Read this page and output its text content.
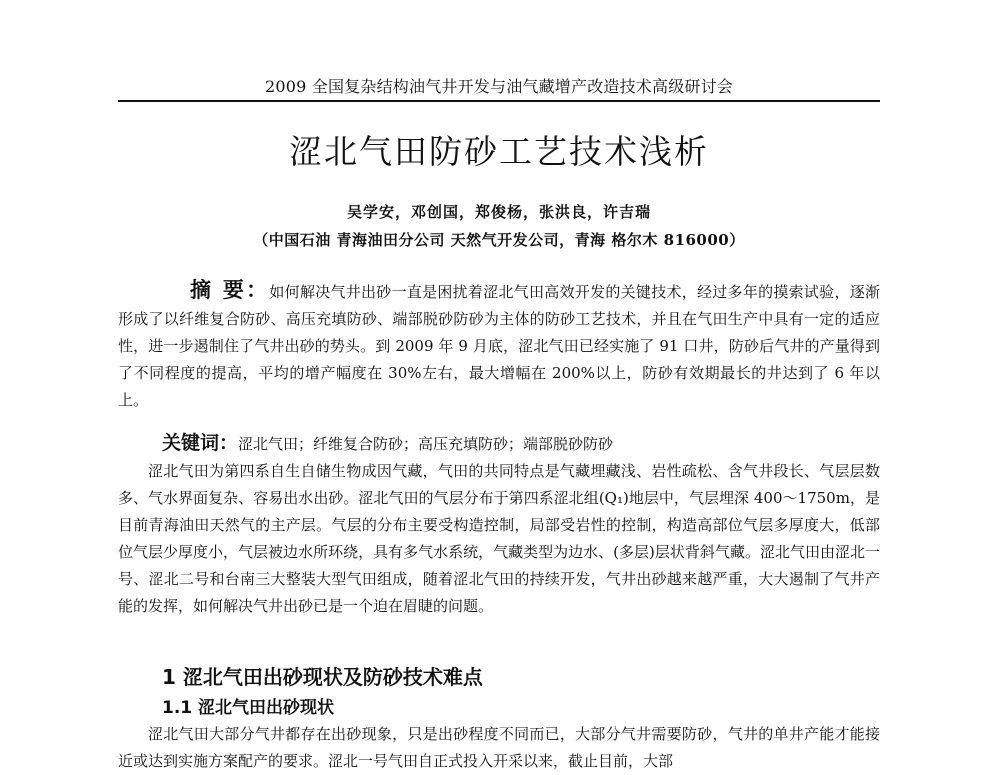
2009 全国复杂结构油气井开发与油气藏增产改造技术高级研讨会
涩北气田防砂工艺技术浅析
吴学安，邓创国，郑俊杨，张洪良，许吉瑞
（中国石油 青海油田分公司 天然气开发公司，青海 格尔木 816000）
摘 要：如何解决气井出砂一直是困扰着涩北气田高效开发的关键技术，经过多年的摸索试验，逐渐形成了以纤维复合防砂、高压充填防砂、端部脱砂防砂为主体的防砂工艺技术，并且在气田生产中具有一定的适应性，进一步遏制住了气井出砂的势头。到 2009 年 9 月底，涩北气田已经实施了 91 口井，防砂后气井的产量得到了不同程度的提高，平均的增产幅度在 30%左右，最大增幅在 200%以上，防砂有效期最长的井达到了 6 年以上。
关键词：涩北气田；纤维复合防砂；高压充填防砂；端部脱砂防砂
涩北气田为第四系自生自储生物成因气藏，气田的共同特点是气藏埋藏浅、岩性疏松、含气井段长、气层层数多、气水界面复杂、容易出水出砂。涩北气田的气层分布于第四系涩北组(Q₁)地层中，气层埋深 400～1750m，是目前青海油田天然气的主产层。气层的分布主要受构造控制，局部受岩性的控制，构造高部位气层多厚度大，低部位气层少厚度小，气层被边水所环绕，具有多气水系统，气藏类型为边水、(多层)层状背斜气藏。涩北气田由涩北一号、涩北二号和台南三大整装大型气田组成，随着涩北气田的持续开发，气井出砂越来越严重，大大遏制了气井产能的发挥，如何解决气井出砂已是一个迫在眉睫的问题。
1 涩北气田出砂现状及防砂技术难点
1.1 涩北气田出砂现状
涩北气田大部分气井都存在出砂现象，只是出砂程度不同而已，大部分气井需要防砂，气井的单井产能才能接近或达到实施方案配产的要求。涩北一号气田自正式投入开采以来，截止目前，大部
